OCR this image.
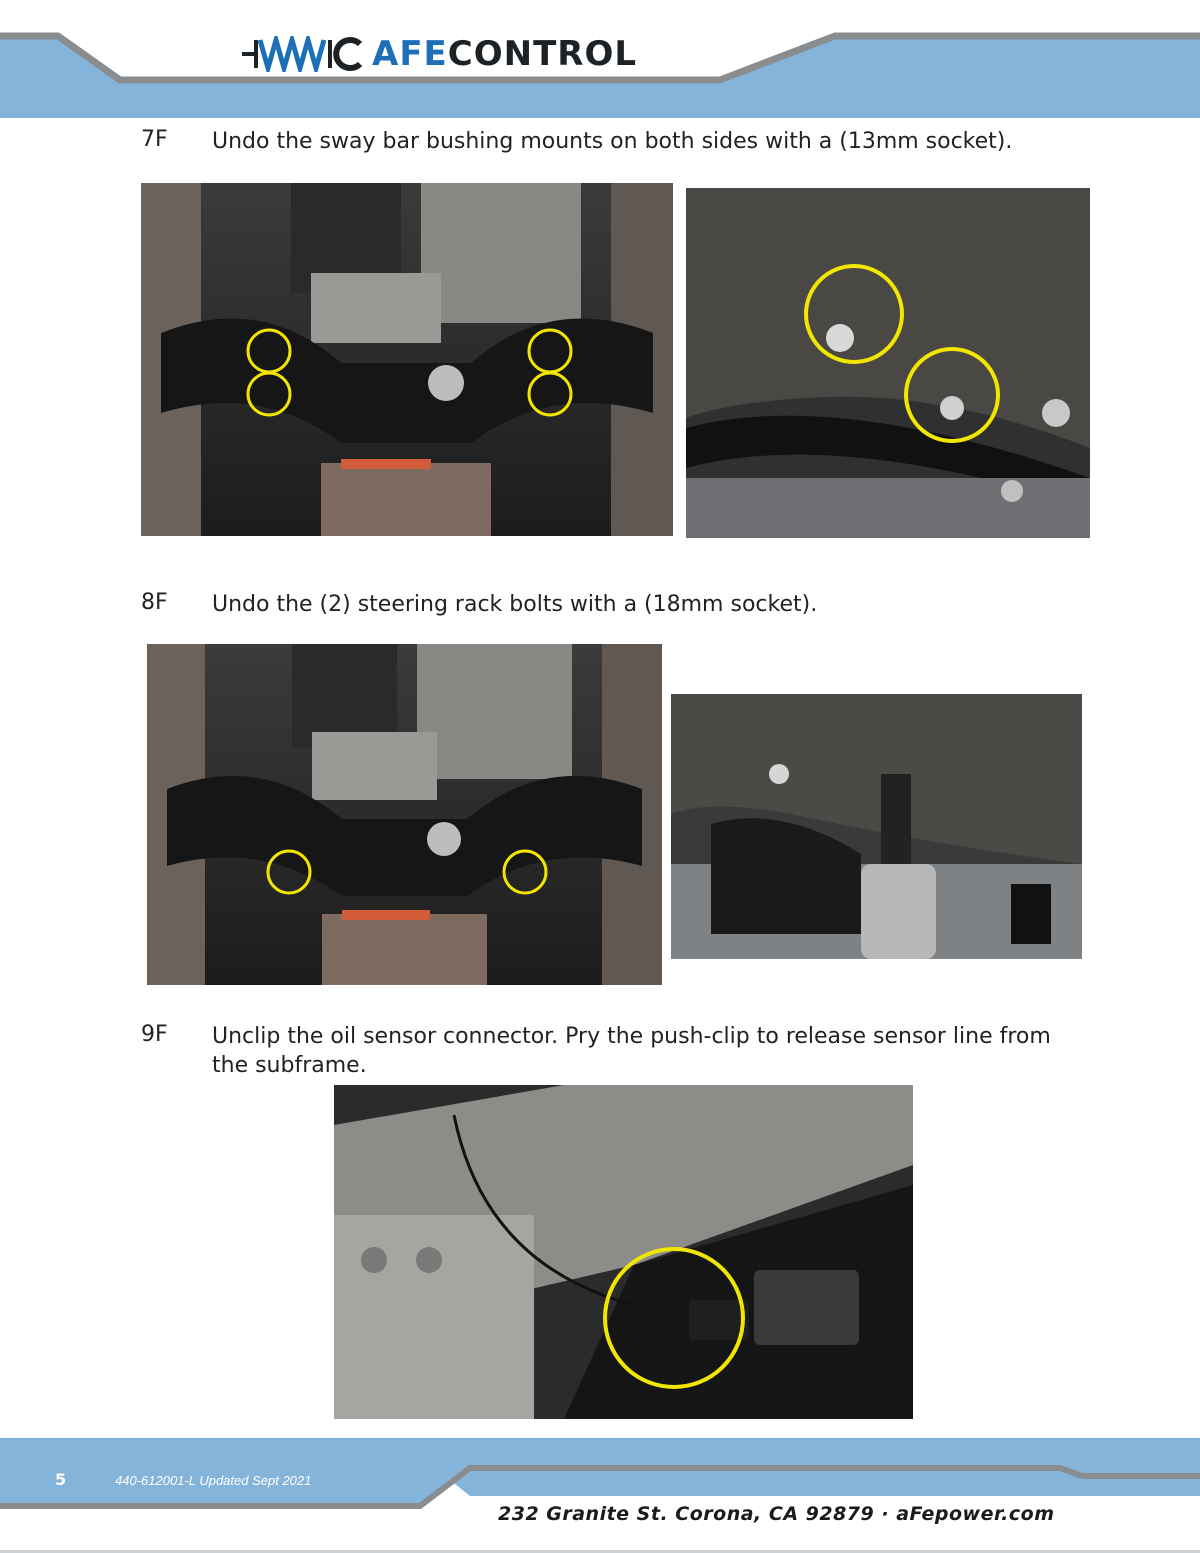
AFE CONTROL
7F Undo the sway bar bushing mounts on both sides with a (13mm socket).
8F Undo the (2) steering rack bolts with a (18mm socket).
9F Unclip the oil sensor connector. Pry the push-clip to release sensor line from the subframe.
5	440-612001-L Updated Sept 2021
232 Granite St. Corona, CA 92879 · aFepower.com
